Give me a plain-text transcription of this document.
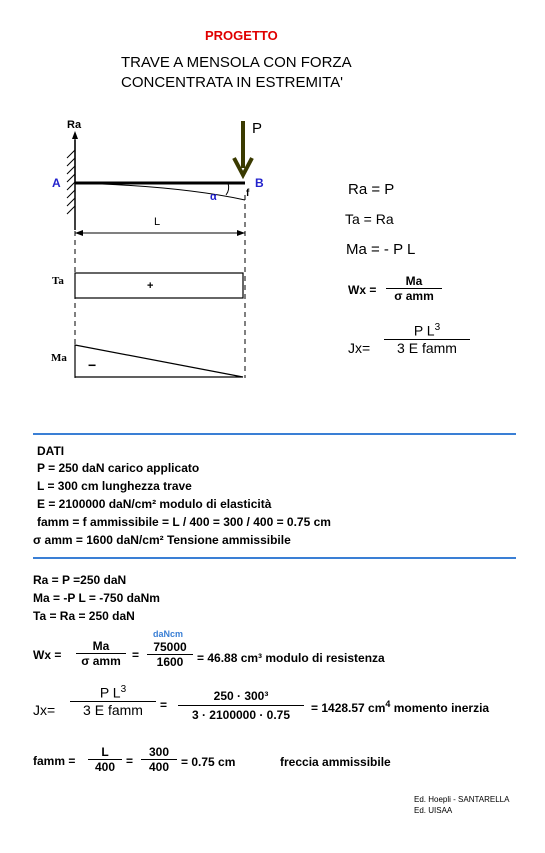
PROGETTO
TRAVE A MENSOLA CON FORZA
CONCENTRATA IN ESTREMITA'
Ra	P
A	B
α	f
L
Ta	+
Ma −
Ra = P
Ta = Ra
Ma = - P L
Wx =
Ma
σ amm
Jx=
P $L^3$
3 E famm
DATI
P = 250 daN carico applicato
L = 300 cm lunghezza trave
E = 2100000 daN/cm² modulo di elasticità
famm = f ammissibile = L / 400 = 300 / 400 = 0.75 cm
σ amm = 1600 daN/cm² Tensione ammissibile
Ra = P =250 daN
Ma = -P L = -750 daNm
Ta = Ra = 250 daN
Wx =
Ma
σ amm =
daNcm
$\frac{75000}{1600} = 46.88$ cm³ modulo di resistenza
Jx=
P $L^3$
3 E famm	= $\frac{\text{250 · 300³}}{3 \cdot 2100000 \cdot 0.75} = 1428.57$ $cm^4$ momento inerzia
famm = $\frac{L}{400} = \frac{300}{400} = 0.75$ cm	freccia ammissibile
Ed. Hoepli - SANTARELLA
Ed. UISAA
